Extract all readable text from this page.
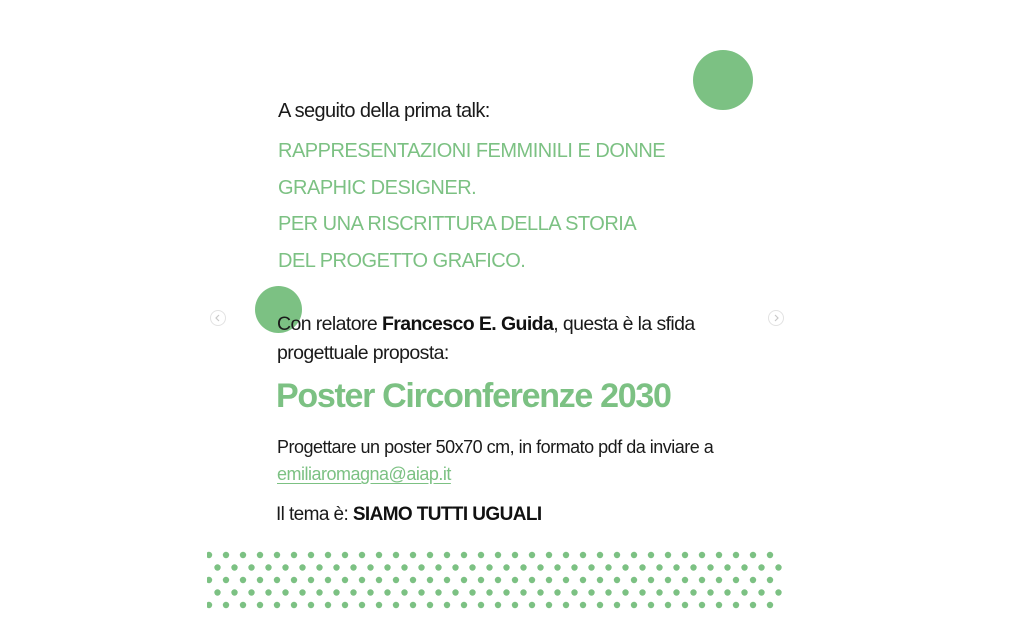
A seguito della prima talk:
RAPPRESENTAZIONI FEMMINILI E DONNE
GRAPHIC DESIGNER.
PER UNA RISCRITTURA DELLA STORIA
DEL PROGETTO GRAFICO.
Con relatore Francesco E. Guida, questa è la sfida progettuale proposta:
Poster Circonferenze 2030
Progettare un poster 50x70 cm, in formato pdf da inviare a emiliaromagna@aiap.it
Il tema è: SIAMO TUTTI UGUALI
